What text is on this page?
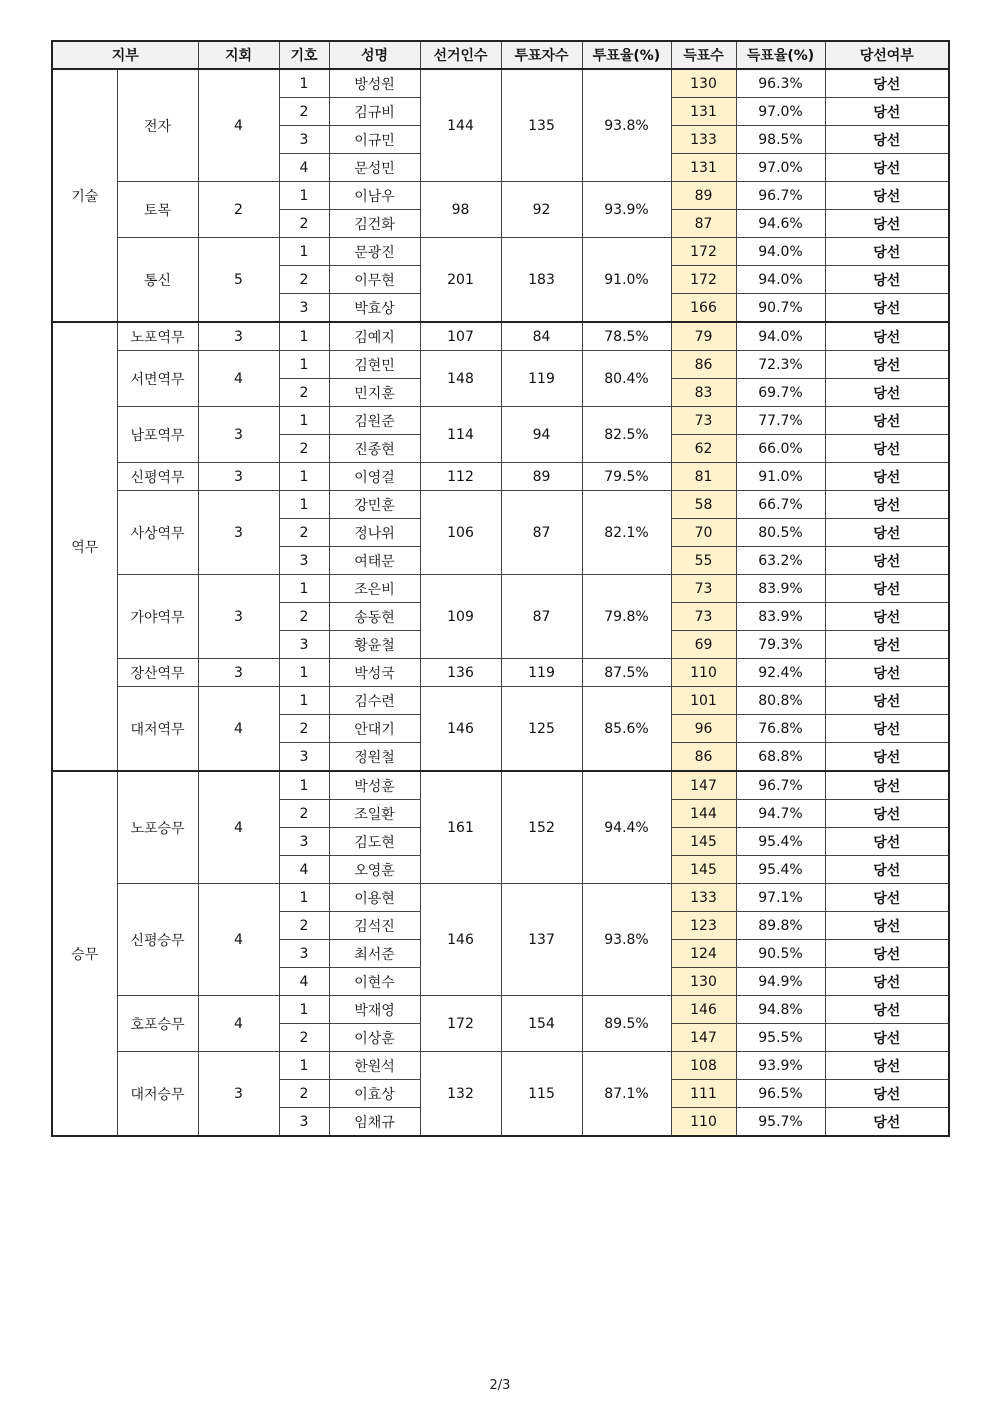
지부		지회	기호	성명	선거인수	투표자수	투표율(%)	득표수	득표율(%)	당선여부
기술	전자	4	1	방성원	144	135	93.8%	130	96.3%	당선
			2	김규비				131	97.0%	당선
			3	이규민				133	98.5%	당선
			4	문성민				131	97.0%	당선
	토목	2	1	이남우	98	92	93.9%	89	96.7%	당선
			2	김건화				87	94.6%	당선
	통신	5	1	문광진	201	183	91.0%	172	94.0%	당선
			2	이무현				172	94.0%	당선
			3	박효상				166	90.7%	당선
역무	노포역무	3	1	김예지	107	84	78.5%	79	94.0%	당선
	서면역무	4	1	김현민	148	119	80.4%	86	72.3%	당선
			2	민지훈				83	69.7%	당선
	남포역무	3	1	김원준	114	94	82.5%	73	77.7%	당선
			2	진종현				62	66.0%	당선
	신평역무	3	1	이영걸	112	89	79.5%	81	91.0%	당선
	사상역무	3	1	강민훈	106	87	82.1%	58	66.7%	당선
			2	정나위				70	80.5%	당선
			3	여태문				55	63.2%	당선
	가야역무	3	1	조은비	109	87	79.8%	73	83.9%	당선
			2	송동현				73	83.9%	당선
			3	황윤철				69	79.3%	당선
	장산역무	3	1	박성국	136	119	87.5%	110	92.4%	당선
	대저역무	4	1	김수련	146	125	85.6%	101	80.8%	당선
			2	안대기				96	76.8%	당선
			3	정원철				86	68.8%	당선
승무	노포승무	4	1	박성훈	161	152	94.4%	147	96.7%	당선
			2	조일환				144	94.7%	당선
			3	김도현				145	95.4%	당선
			4	오영훈				145	95.4%	당선
	신평승무	4	1	이용현	146	137	93.8%	133	97.1%	당선
			2	김석진				123	89.8%	당선
			3	최서준				124	90.5%	당선
			4	이현수				130	94.9%	당선
	호포승무	4	1	박재영	172	154	89.5%	146	94.8%	당선
			2	이상훈				147	95.5%	당선
	대저승무	3	1	한원석	132	115	87.1%	108	93.9%	당선
			2	이효상				111	96.5%	당선
			3	임채규				110	95.7%	당선
2/3
